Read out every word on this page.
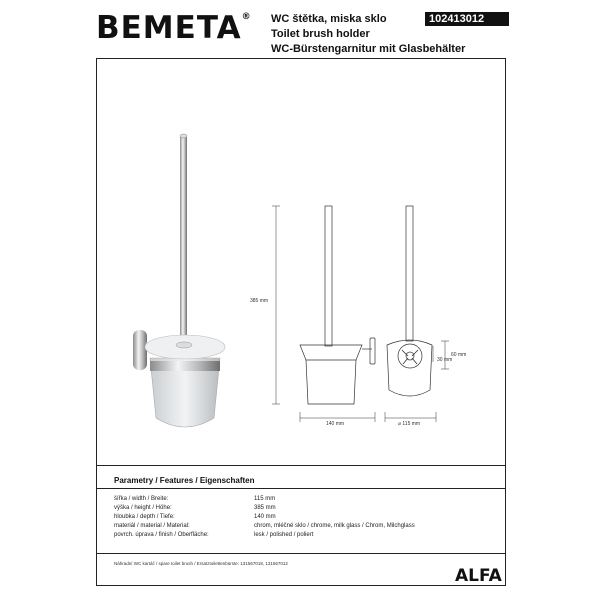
BEMETA® WC štětka, miska sklo
Toilet brush holder
WC-Bürstengarnitur mit Glasbehälter
102413012
385 mm
140 mm	⌀ 115 mm
60 mm
30 mm
Parametry / Features / Eigenschaften
šířka / width / Breite:	115 mm
výška / height / Höhe:	385 mm
hloubka / depth / Tiefe:	140 mm
materiál / material / Material:	chrom, mléčné sklo / chrome, milk glass / Chrom, Milchglass
povrch. úprava / finish / Oberfläche:	lesk / polished / poliert
Náhradní WC kartáč / spare toilet brush / Ersatztoilettenbürste: 131567018, 131567012
ALFA
